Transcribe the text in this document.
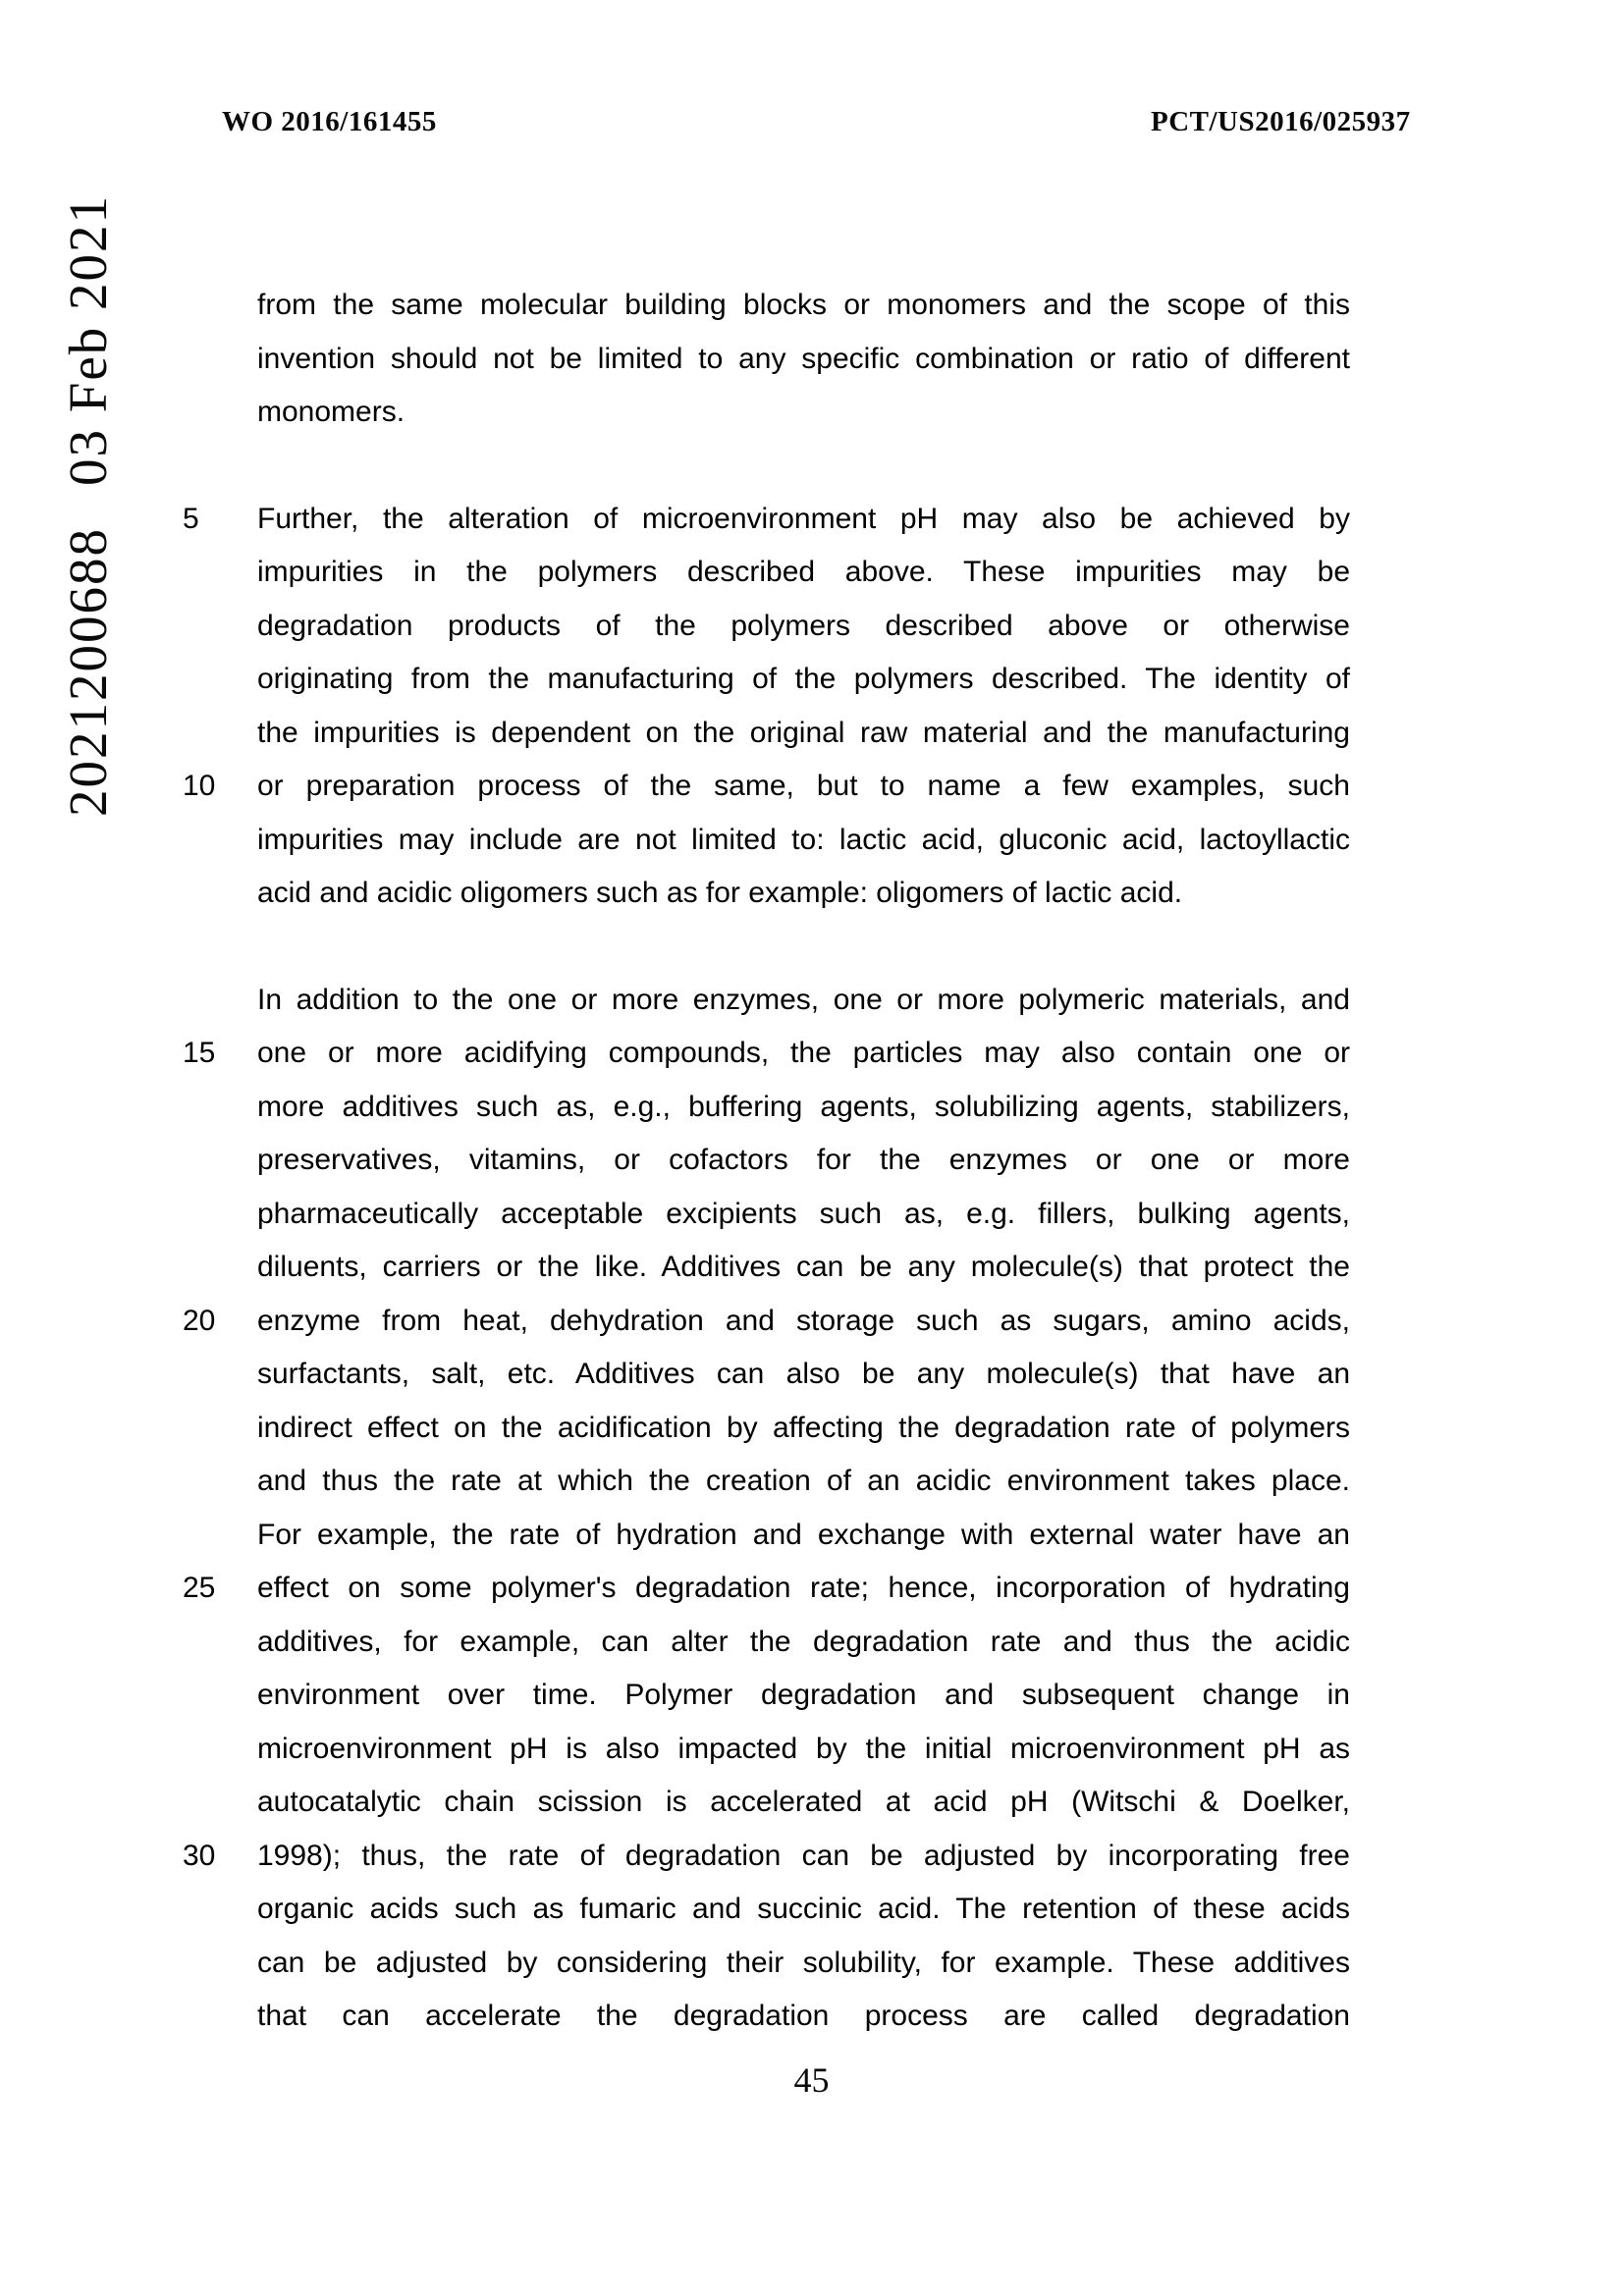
WO 2016/161455	PCT/US2016/025937
202120068803 Feb 2021	from the same molecular building blocks or monomers and the scope of this
invention should not be limited to any specific combination or ratio of different
monomers.
5	Further, the alteration of microenvironment pH may also be achieved by
impurities in the polymers described above. These impurities may be
degradation products of the polymers described above or otherwise
originating from the manufacturing of the polymers described. The identity of
the impurities is dependent on the original raw material and the manufacturing
10	or preparation process of the same, but to name a few examples, such
impurities may include are not limited to: lactic acid, gluconic acid, lactoyllactic
acid and acidic oligomers such as for example: oligomers of lactic acid.
In addition to the one or more enzymes, one or more polymeric materials, and
15	one or more acidifying compounds, the particles may also contain one or
more additives such as, e.g., buffering agents, solubilizing agents, stabilizers,
preservatives, vitamins, or cofactors for the enzymes or one or more
pharmaceutically acceptable excipients such as, e.g. fillers, bulking agents,
diluents, carriers or the like. Additives can be any molecule(s) that protect the
20	enzyme from heat, dehydration and storage such as sugars, amino acids,
surfactants, salt, etc. Additives can also be any molecule(s) that have an
indirect effect on the acidification by affecting the degradation rate of polymers
and thus the rate at which the creation of an acidic environment takes place.
For example, the rate of hydration and exchange with external water have an
25	effect on some polymer's degradation rate; hence, incorporation of hydrating
additives, for example, can alter the degradation rate and thus the acidic
environment over time. Polymer degradation and subsequent change in
microenvironment pH is also impacted by the initial microenvironment pH as
autocatalytic chain scission is accelerated at acid pH (Witschi & Doelker,
30	1998); thus, the rate of degradation can be adjusted by incorporating free
organic acids such as fumaric and succinic acid. The retention of these acids
can be adjusted by considering their solubility, for example. These additives
that can accelerate the degradation process are called degradation
45
